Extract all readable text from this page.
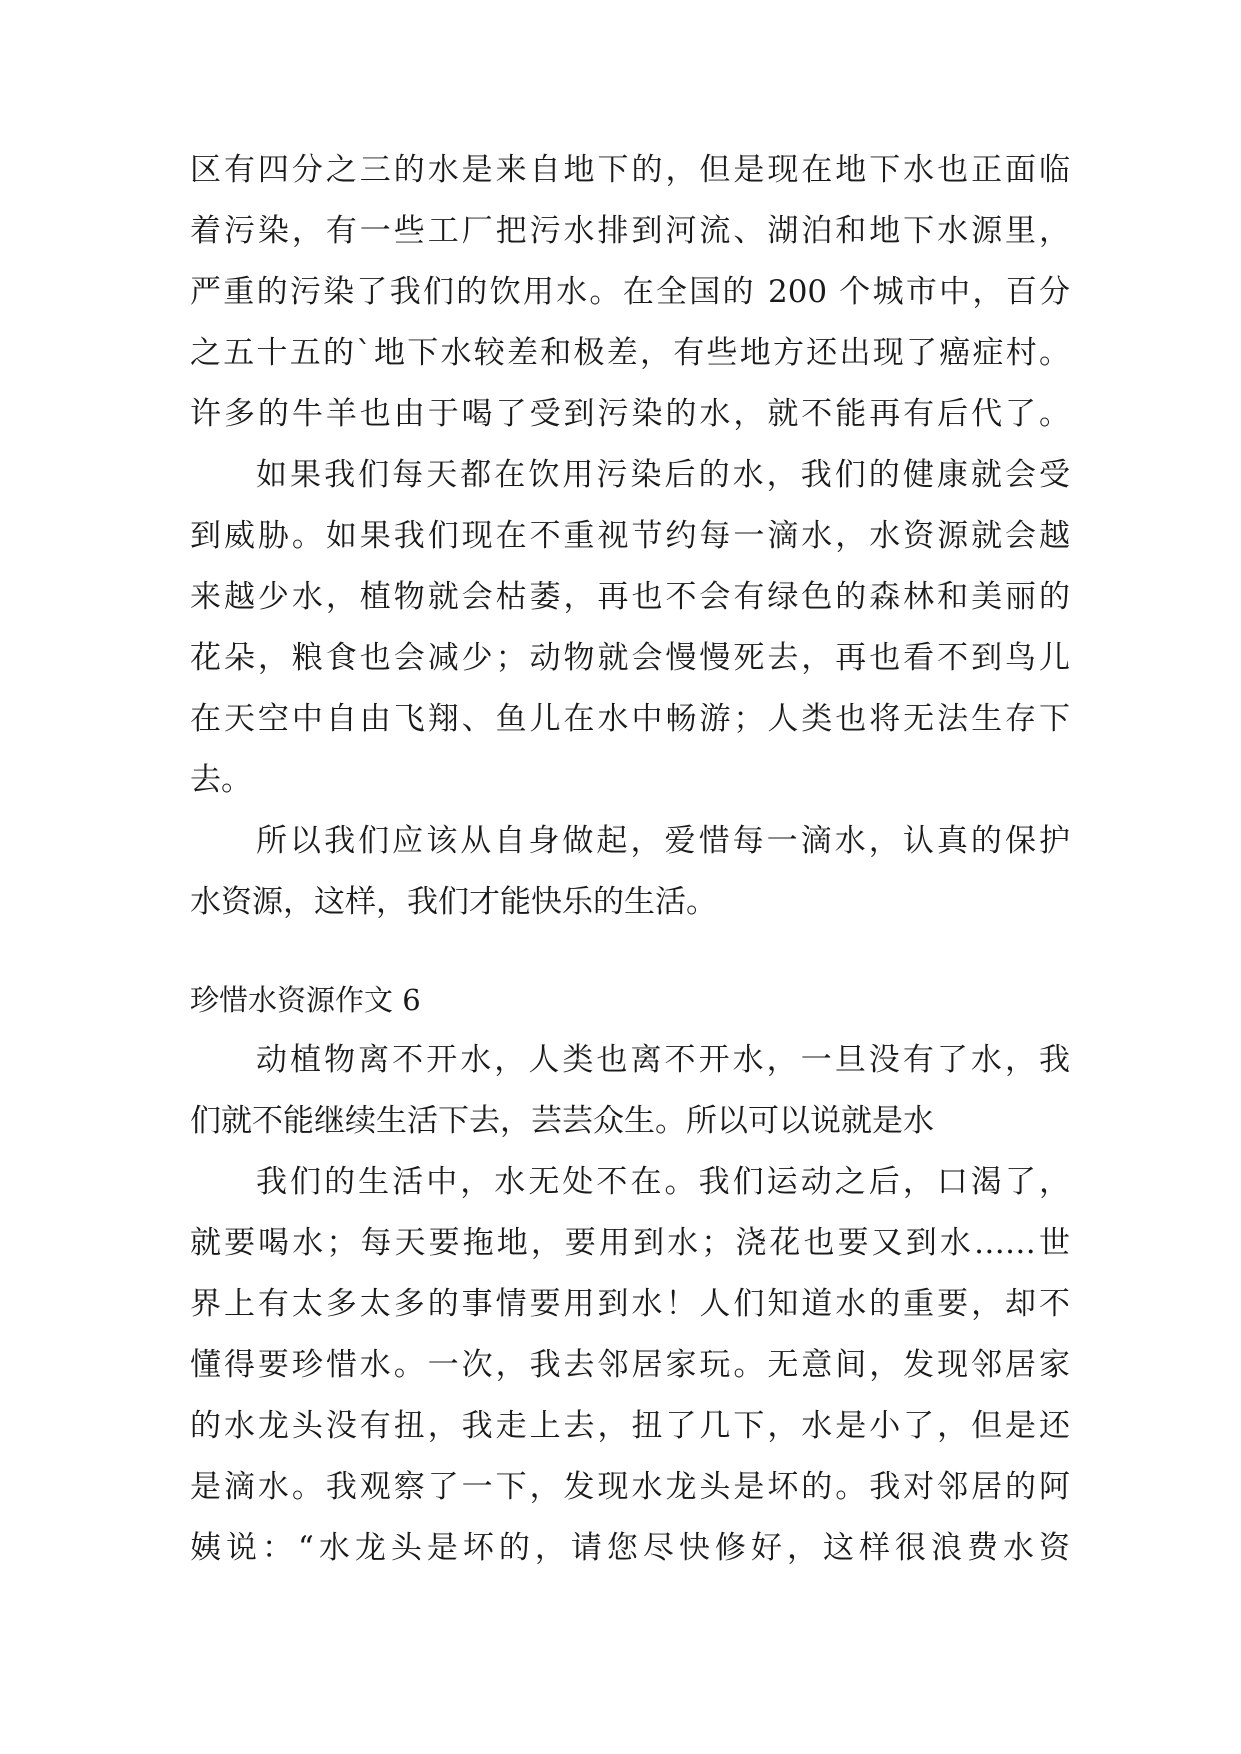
区有四分之三的水是来自地下的，但是现在地下水也正面临

着污染，有一些工厂把污水排到河流、湖泊和地下水源里，

严重的污染了我们的饮用水。在全国的 200 个城市中，百分

之五十五的`地下水较差和极差，有些地方还出现了癌症村。

许多的牛羊也由于喝了受到污染的水，就不能再有后代了。

如果我们每天都在饮用污染后的水，我们的健康就会受

到威胁。如果我们现在不重视节约每一滴水，水资源就会越

来越少水，植物就会枯萎，再也不会有绿色的森林和美丽的

花朵，粮食也会减少；动物就会慢慢死去，再也看不到鸟儿

在天空中自由飞翔、鱼儿在水中畅游；人类也将无法生存下

去。

所以我们应该从自身做起，爱惜每一滴水，认真的保护

水资源，这样，我们才能快乐的生活。

珍惜水资源作文 6

动植物离不开水，人类也离不开水，一旦没有了水，我

们就不能继续生活下去，芸芸众生。所以可以说就是水

我们的生活中，水无处不在。我们运动之后，口渴了，

就要喝水；每天要拖地，要用到水；浇花也要又到水……世

界上有太多太多的事情要用到水！人们知道水的重要，却不

懂得要珍惜水。一次，我去邻居家玩。无意间，发现邻居家

的水龙头没有扭，我走上去，扭了几下，水是小了，但是还

是滴水。我观察了一下，发现水龙头是坏的。我对邻居的阿

姨说：“水龙头是坏的，请您尽快修好，这样很浪费水资
